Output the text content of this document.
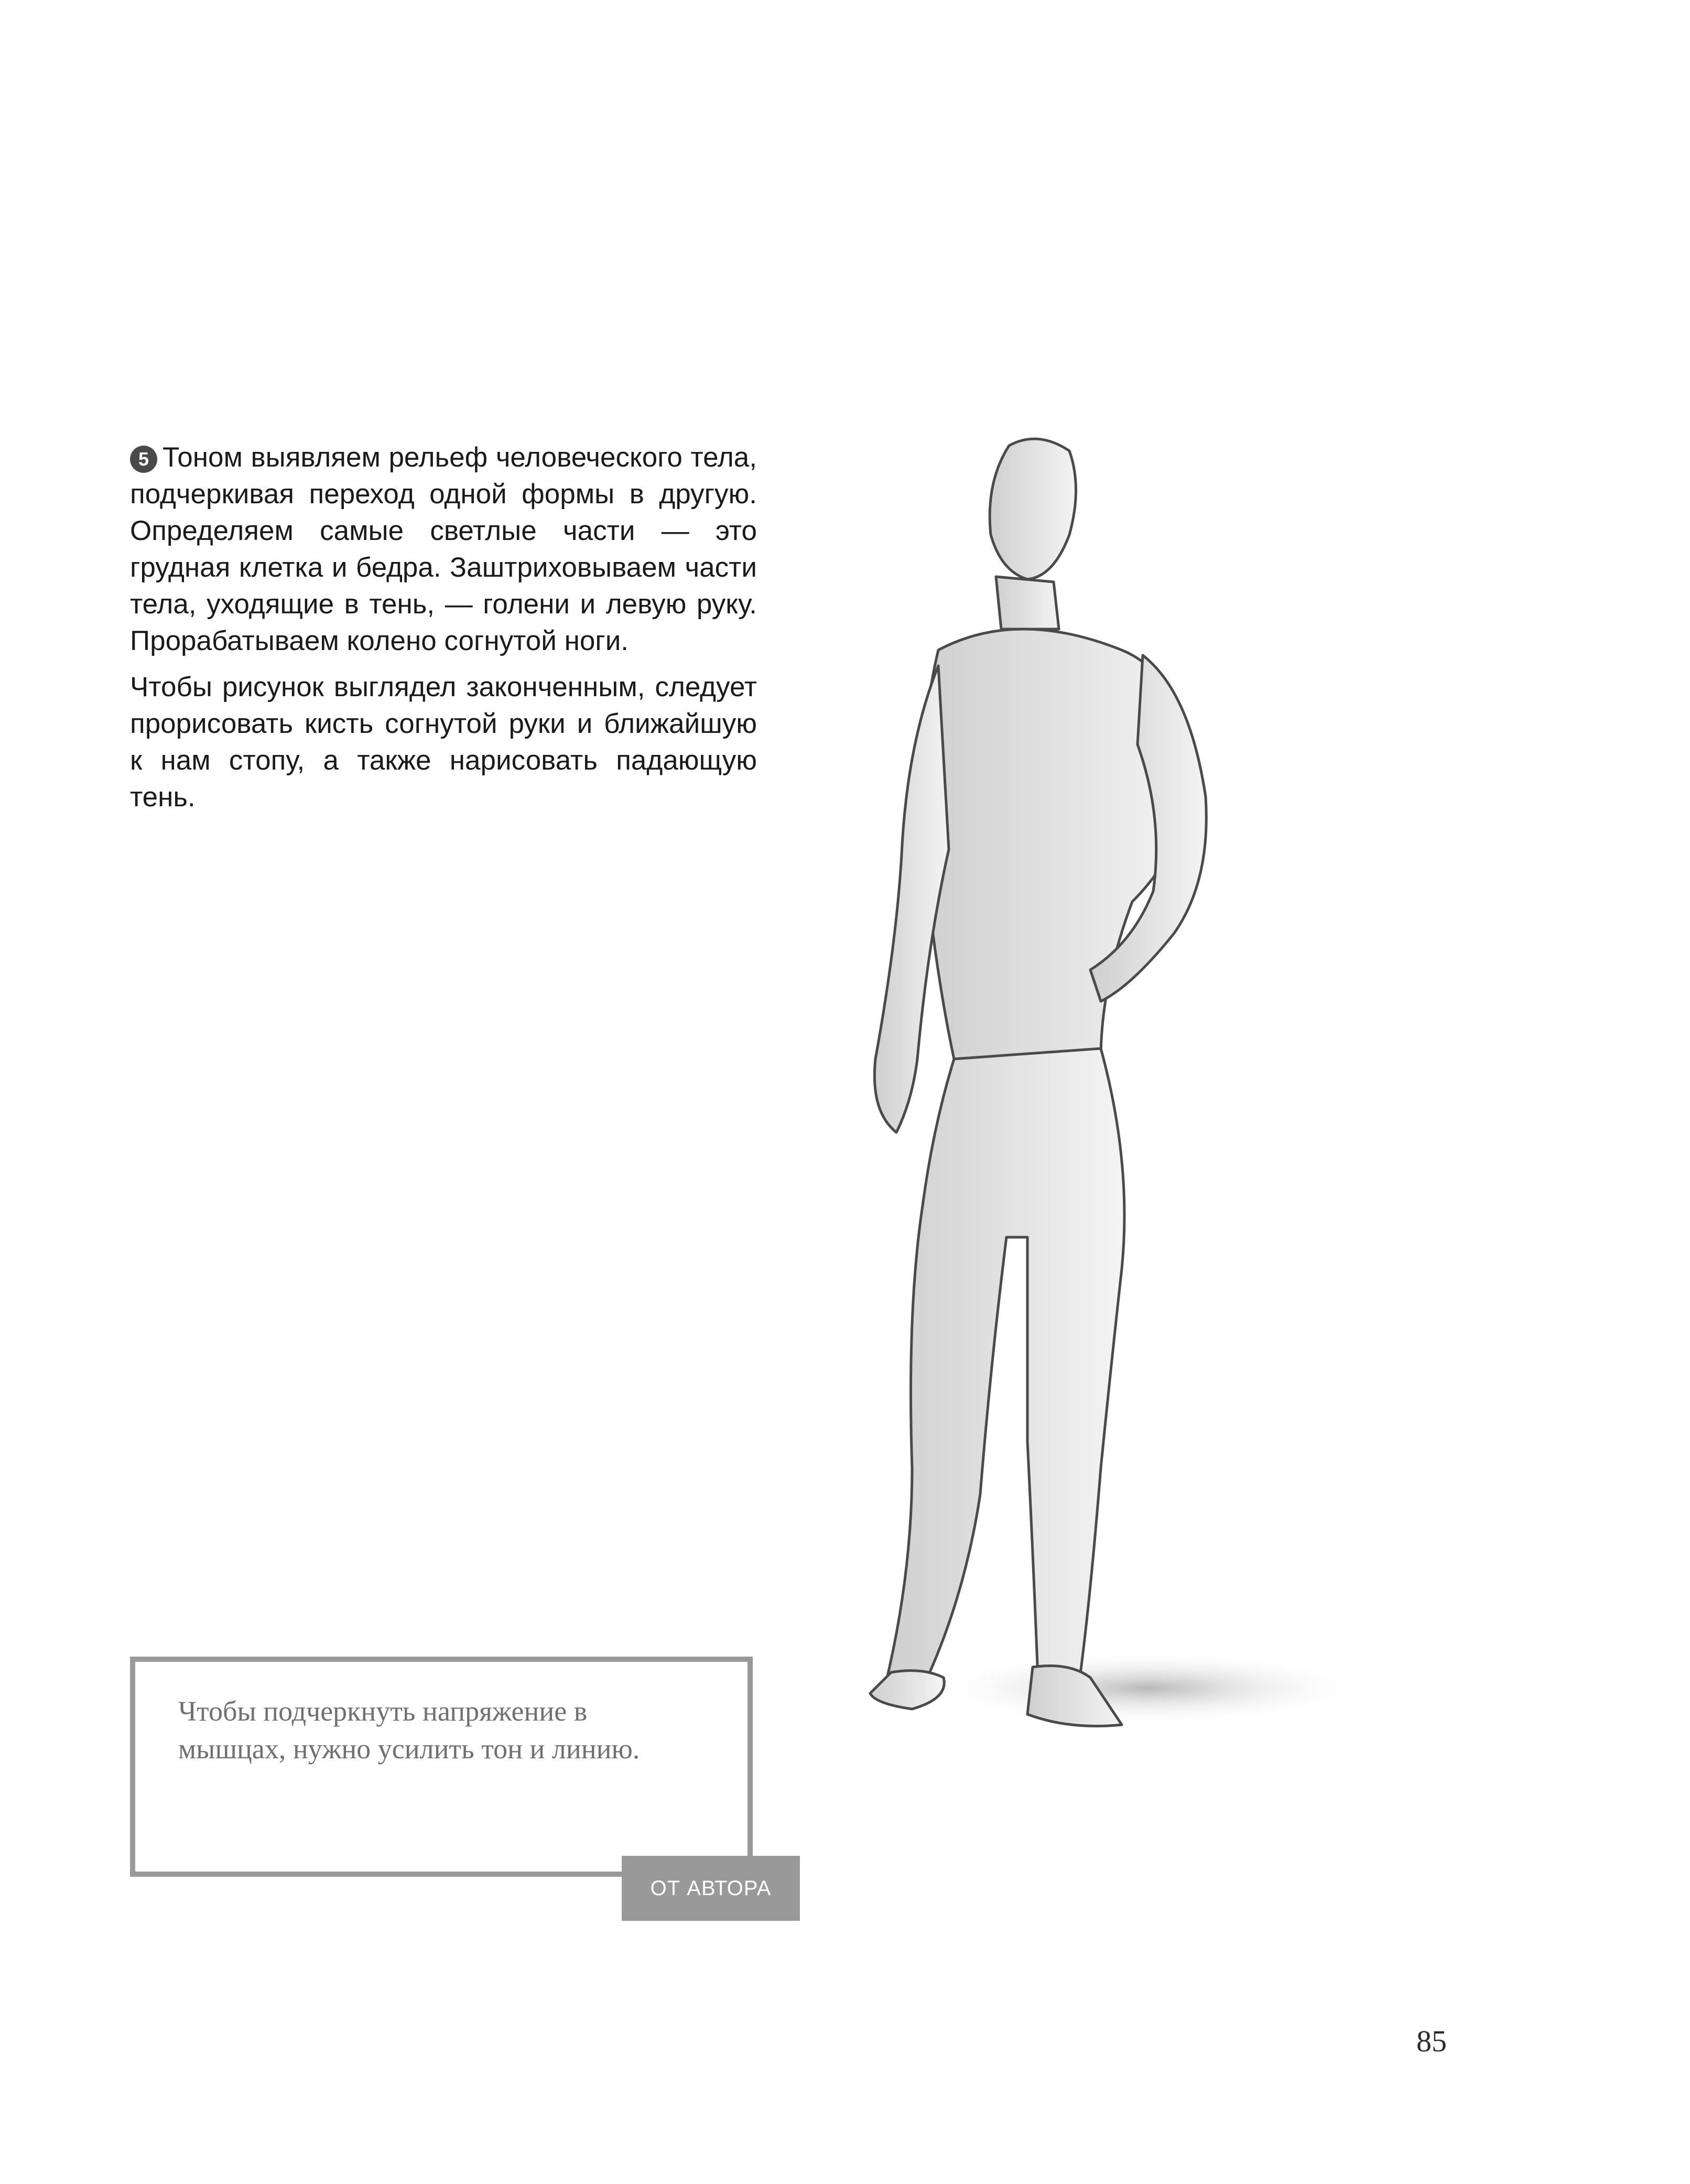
5 Тоном выявляем рельеф человеческого тела, подчеркивая переход одной формы в другую. Определяем самые светлые части — это грудная клетка и бедра. Заштриховываем части тела, уходящие в тень, — голени и левую руку. Прорабатываем колено согнутой ноги.

Чтобы рисунок выглядел законченным, следует прорисовать кисть согнутой руки и ближайшую к нам стопу, а также нарисовать падающую тень.

Чтобы подчеркнуть напряжение в мышцах, нужно усилить тон и линию.
ОТ АВТОРА
85
